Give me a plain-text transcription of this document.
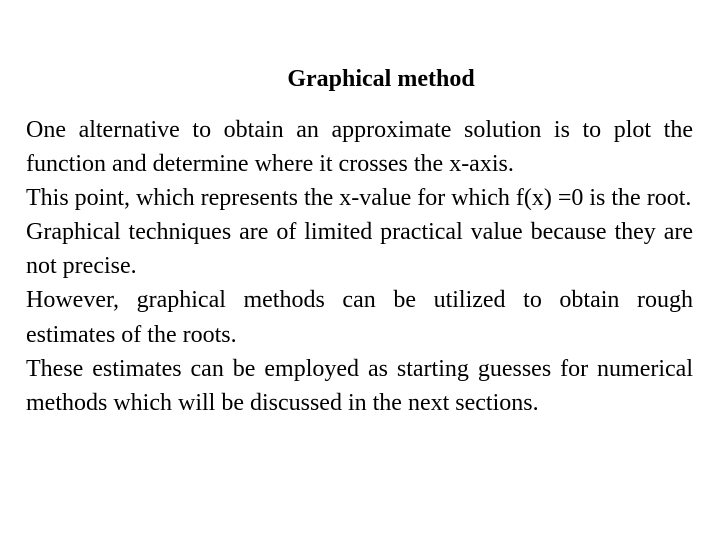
Graphical method

One alternative to obtain an approximate solution is to plot the function and determine where it crosses the x-axis.

This point, which represents the x-value for which f(x) =0 is the root.

Graphical techniques are of limited practical value because they are not precise.

However, graphical methods can be utilized to obtain rough estimates of the roots.

These estimates can be employed as starting guesses for numerical methods which will be discussed in the next sections.
